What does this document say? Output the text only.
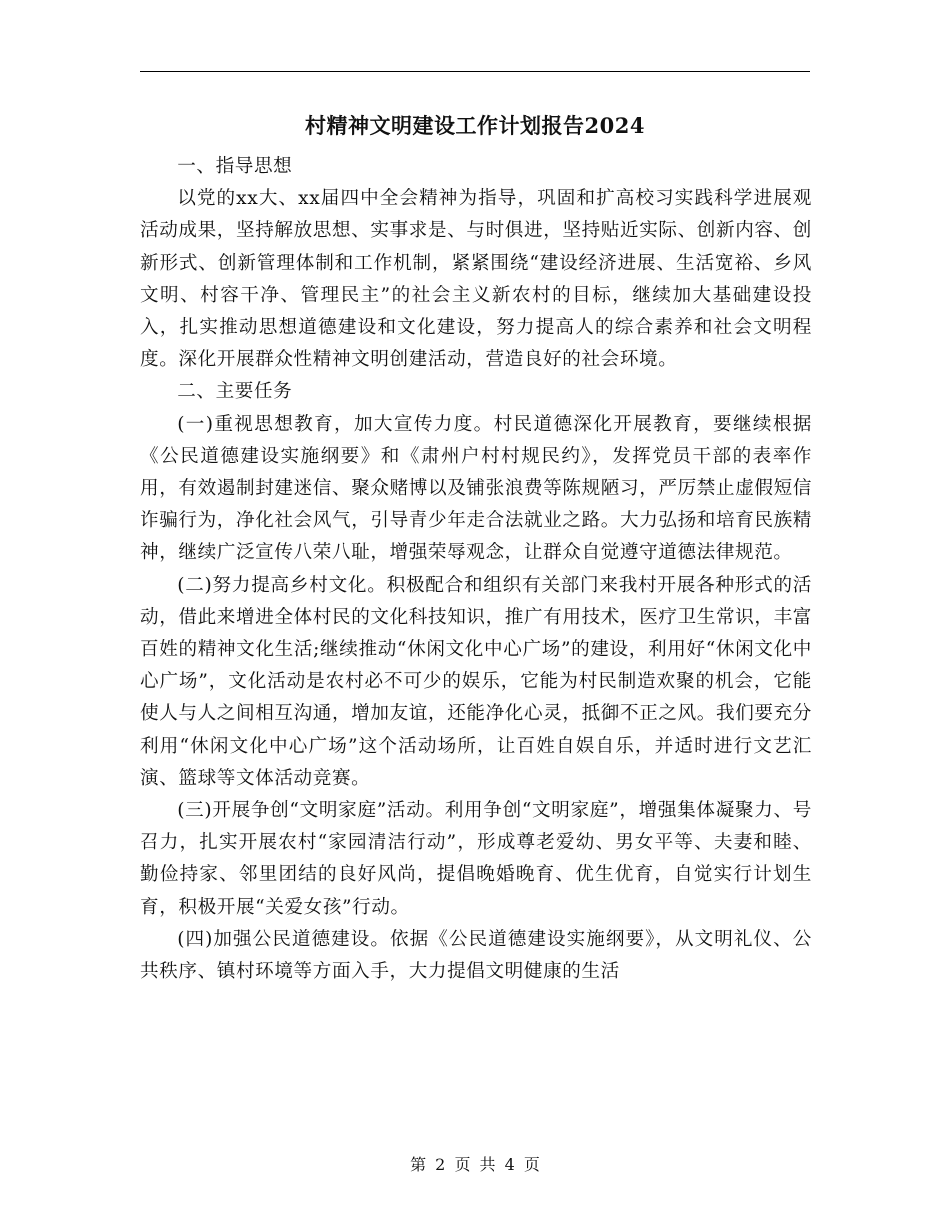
村精神文明建设工作计划报告2024

一、指导思想

以党的xx大、xx届四中全会精神为指导，巩固和扩高校习实践科学进展观活动成果，坚持解放思想、实事求是、与时俱进，坚持贴近实际、创新内容、创新形式、创新管理体制和工作机制，紧紧围绕“建设经济进展、生活宽裕、乡风文明、村容干净、管理民主”的社会主义新农村的目标，继续加大基础建设投入，扎实推动思想道德建设和文化建设，努力提高人的综合素养和社会文明程度。深化开展群众性精神文明创建活动，营造良好的社会环境。

二、主要任务

(一)重视思想教育，加大宣传力度。村民道德深化开展教育，要继续根据《公民道德建设实施纲要》和《肃州户村村规民约》，发挥党员干部的表率作用，有效遏制封建迷信、聚众赌博以及铺张浪费等陈规陋习，严厉禁止虚假短信诈骗行为，净化社会风气，引导青少年走合法就业之路。大力弘扬和培育民族精神，继续广泛宣传八荣八耻，增强荣辱观念，让群众自觉遵守道德法律规范。

(二)努力提高乡村文化。积极配合和组织有关部门来我村开展各种形式的活动，借此来增进全体村民的文化科技知识，推广有用技术，医疗卫生常识，丰富百姓的精神文化生活;继续推动“休闲文化中心广场”的建设，利用好“休闲文化中心广场”，文化活动是农村必不可少的娱乐，它能为村民制造欢聚的机会，它能使人与人之间相互沟通，增加友谊，还能净化心灵，抵御不正之风。我们要充分利用“休闲文化中心广场”这个活动场所，让百姓自娱自乐，并适时进行文艺汇演、篮球等文体活动竞赛。

(三)开展争创“文明家庭”活动。利用争创“文明家庭”，增强集体凝聚力、号召力，扎实开展农村“家园清洁行动”，形成尊老爱幼、男女平等、夫妻和睦、勤俭持家、邻里团结的良好风尚，提倡晚婚晚育、优生优育，自觉实行计划生育，积极开展“关爱女孩”行动。

(四)加强公民道德建设。依据《公民道德建设实施纲要》，从文明礼仪、公共秩序、镇村环境等方面入手，大力提倡文明健康的生活

第 2 页 共 4 页
